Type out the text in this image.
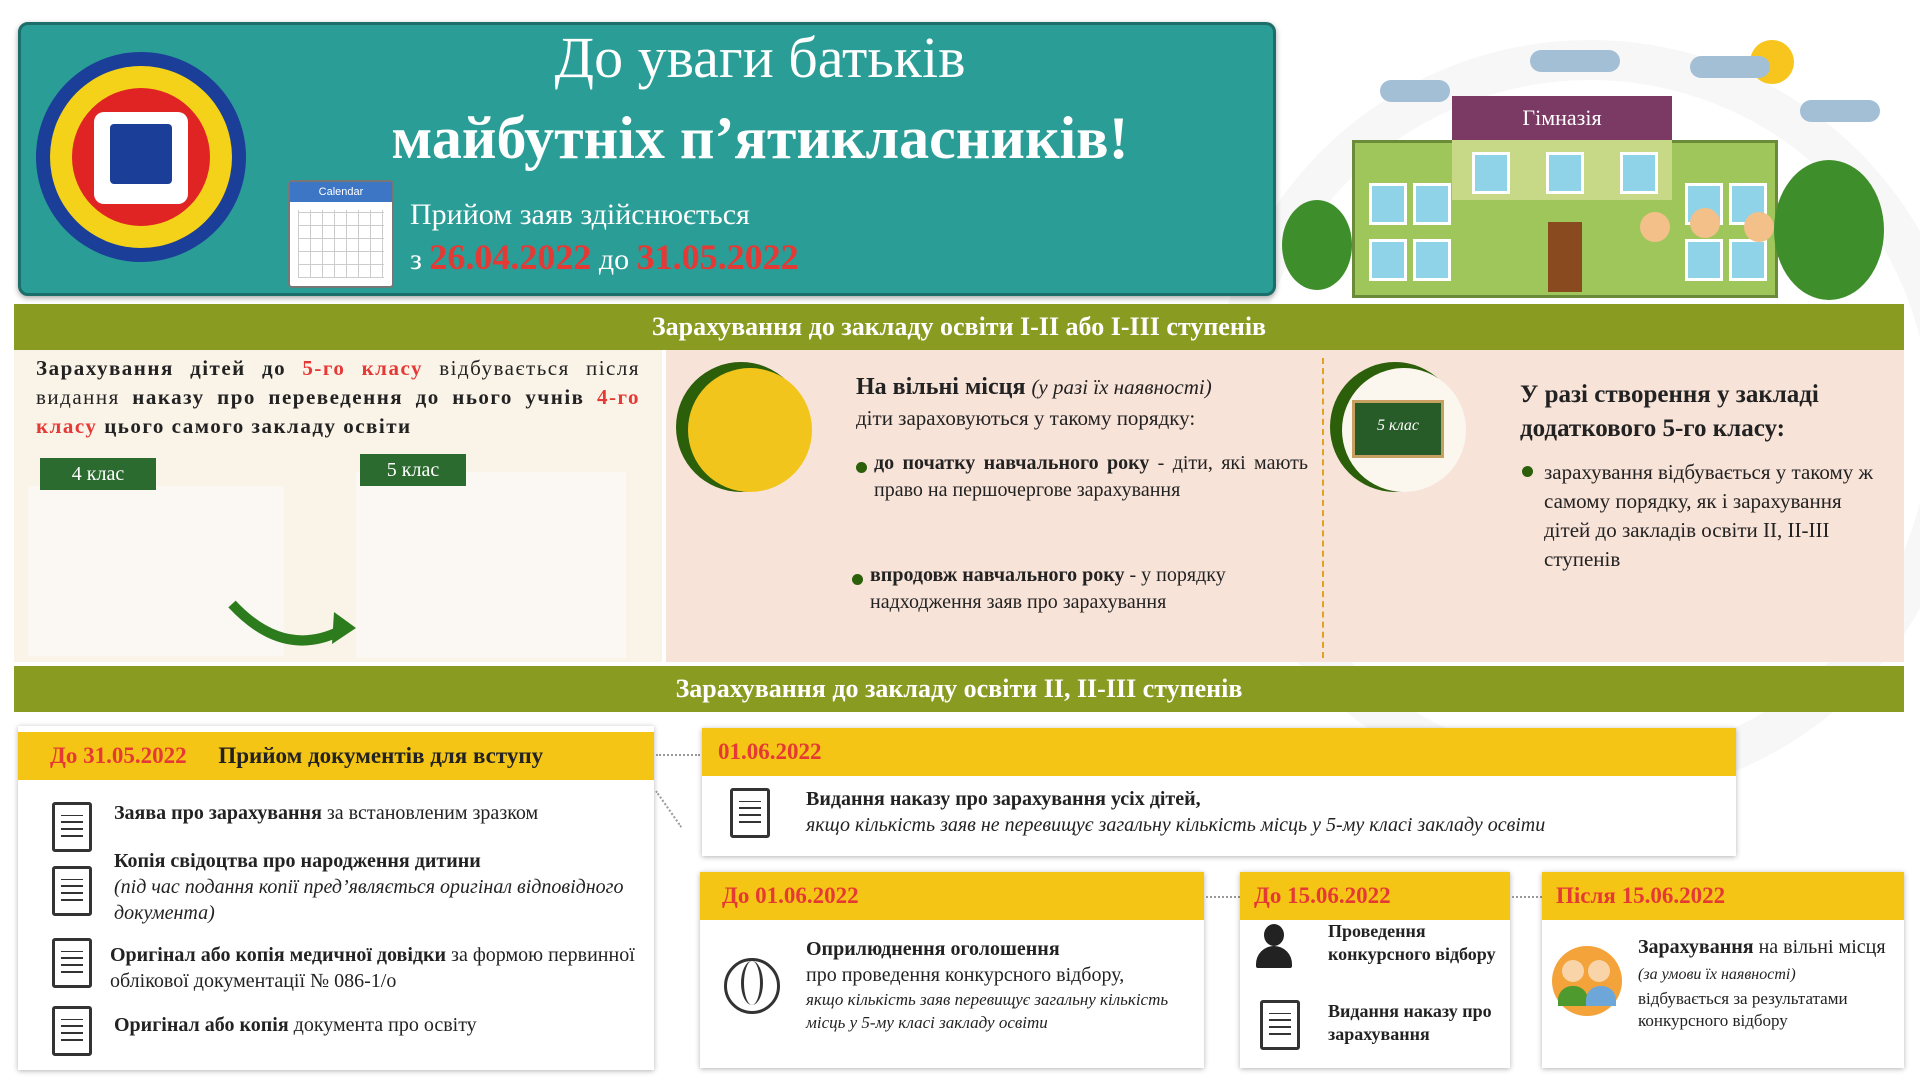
До уваги батьків
майбутніх п’ятикласників!
Calendar
Прийом заяв здійснюється
з 26.04.2022 до 31.05.2022
Гімназія
Зарахування до закладу освіти І-ІІ або І-ІІІ ступенів
Зарахування дітей до 5-го класу відбувається після видання наказу про переведення до нього учнів 4-го класу цього самого закладу освіти
4 клас	5 клас
На вільні місця (у разі їх наявності)
діти зараховуються у такому порядку:
до початку навчального року - діти, які мають право на першочергове зарахування
впродовж навчального року - у порядку надходження заяв про зарахування
5 клас
У разі створення у закладі додаткового 5-го класу:
зарахування відбувається у такому ж самому порядку, як і зарахування дітей до закладів освіти ІІ, ІІ-ІІІ ступенів
Зарахування до закладу освіти ІІ, ІІ-ІІІ ступенів
До 31.05.2022 Прийом документів для вступу
Заява про зарахування за встановленим зразком
Копія свідоцтва про народження дитини
(під час подання копії пред’являється оригінал відповідного документа)
Оригінал або копія медичної довідки за формою первинної облікової документації № 086-1/о
Оригінал або копія документа про освіту
01.06.2022
Видання наказу про зарахування усіх дітей,
якщо кількість заяв не перевищує загальну кількість місць у 5-му класі закладу освіти
До 01.06.2022
Оприлюднення оголошення
про проведення конкурсного відбору,
якщо кількість заяв перевищує загальну кількість місць у 5-му класі закладу освіти
До 15.06.2022
Проведення конкурсного відбору
Видання наказу про зарахування
Після 15.06.2022
Зарахування на вільні місця (за умови їх наявності)
відбувається за результатами конкурсного відбору
